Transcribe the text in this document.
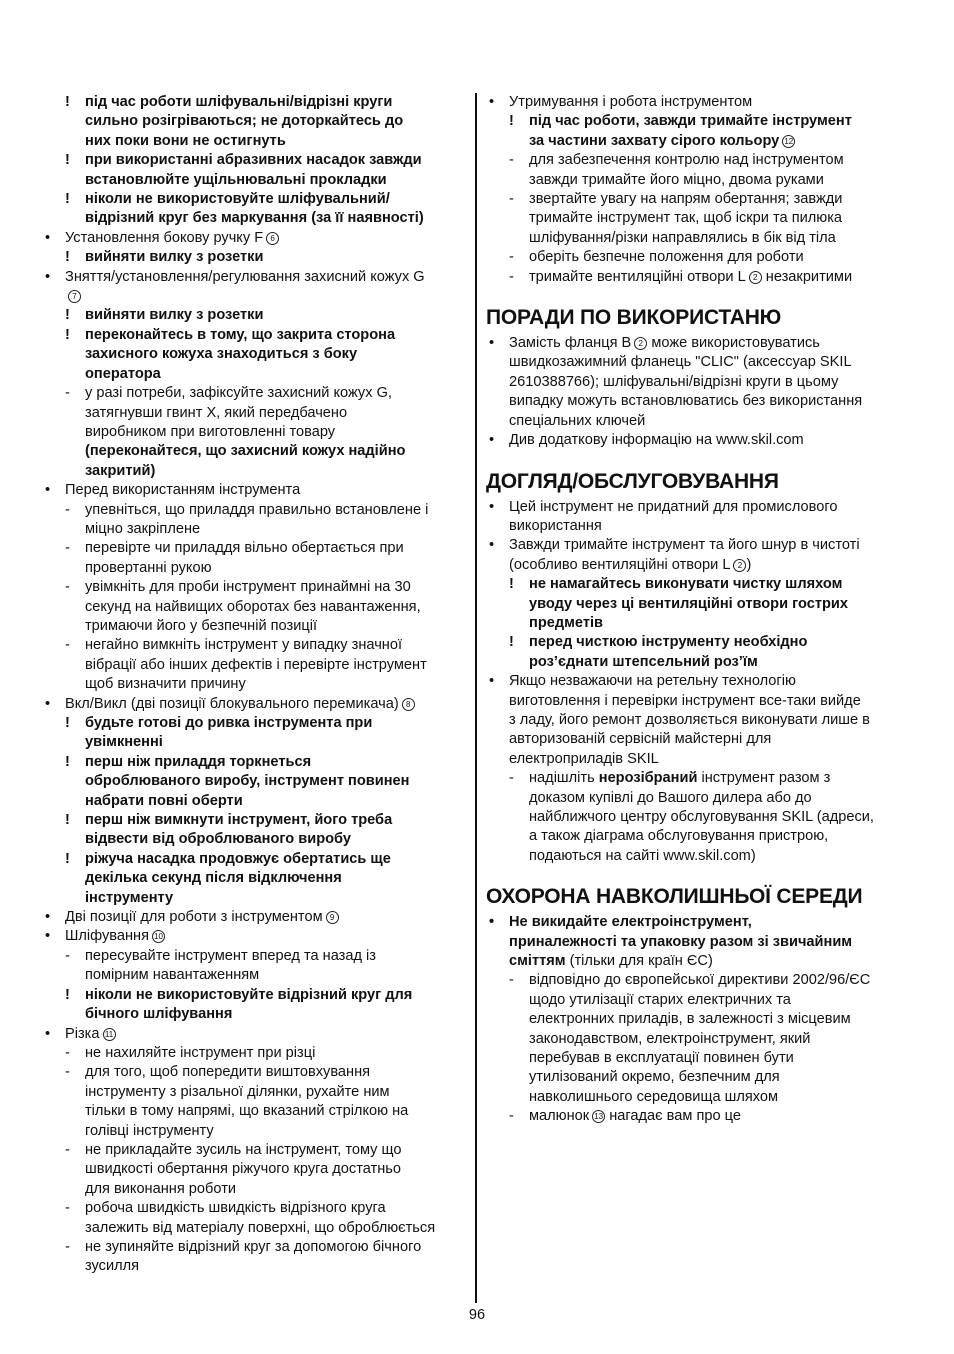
! під час роботи шліфувальні/відрізні круги
сильно розігріваються; не доторкайтесь до
них поки вони не остигнуть
! при використанні абразивних насадок завжди
встановлюйте ущільнювальні прокладки
! ніколи не використовуйте шліфувальний/
відрізний круг без маркування (за її наявності)
• Установлення бокову ручку F 6
! вийняти вилку з розетки
• Зняття/установлення/регулювання захисний кожух G
7
! вийняти вилку з розетки
! переконайтесь в тому, що закрита сторона
захисного кожуха знаходиться з боку
оператора
- у разі потреби, зафіксуйте захисний кожух G,
затягнувши гвинт X, який передбачено
виробником при виготовленні товару
(переконайтеся, що захисний кожух надійно
закритий)
• Перед використанням інструмента
- упевніться, що приладдя правильно встановлене і
міцно закріплене
- перевірте чи приладдя вільно обертається при
провертанні рукою
- увімкніть для проби інструмент принаймні на 30
секунд на найвищих оборотах без навантаження,
тримаючи його у безпечній позиції
- негайно вимкніть інструмент у випадку значної
вібрації або інших дефектів і перевірте інструмент
щоб визначити причину
• Вкл/Викл (дві позиції блокувального перемикача) 8
! будьте готові до ривка інструмента при
увімкненні
! перш ніж приладдя торкнеться
оброблюваного виробу, інструмент повинен
набрати повні оберти
! перш ніж вимкнути інструмент, його треба
відвести від оброблюваного виробу
! ріжуча насадка продовжує обертатись ще
декілька секунд після відключення
інструменту
• Дві позиції для роботи з інструментом 9
• Шліфування 10
- пересувайте інструмент вперед та назад із
помірним навантаженням
! ніколи не використовуйте відрізний круг для
бічного шліфування
• Різка 11
- не нахиляйте інструмент при різці
- для того, щоб попередити виштовхування
інструменту з різальної ділянки, рухайте ним
тільки в тому напрямі, що вказаний стрілкою на
голівці інструменту
- не прикладайте зусиль на інструмент, тому що
швидкості обертання ріжучого круга достатньо
для виконання роботи
- робоча швидкість швидкість відрізного круга
залежить від матеріалу поверхні, що оброблюється
- не зупиняйте відрізний круг за допомогою бічного
зусилля
• Утримування і робота інструментом
! під час роботи, завжди тримайте інструмент
за частини захвату сірого кольору 12
- для забезпечення контролю над інструментом
завжди тримайте його міцно, двома руками
- звертайте увагу на напрям обертання; завжди
тримайте інструмент так, щоб іскри та пилюка
шліфування/різки направлялись в бік від тіла
- оберіть безпечне положення для роботи
- тримайте вентиляційні отвори L 2 незакритими
ПОРАДИ ПО ВИКОРИСТАНЮ
• Замість фланця B 2 може використовуватись
швидкозажимний фланець "CLIC" (аксессуар SKIL
2610388766); шліфувальні/відрізні круги в цьому
випадку можуть встановлюватись без використання
спеціальних ключей
• Див додаткову інформацію на www.skil.com
ДОГЛЯД/ОБСЛУГОВУВАННЯ
• Цей інструмент не придатний для промислового
використання
• Завжди тримайте інструмент та його шнур в чистоті
(особливо вентиляційні отвори L 2 )
! не намагайтесь виконувати чистку шляхом
уводу через ці вентиляційні отвори гострих
предметів
! перед чисткою інструменту необхідно
роз’єднати штепсельний роз’їм
• Якщо незважаючи на ретельну технологію
виготовлення і перевірки інструмент все-таки вийде
з ладу, його ремонт дозволяється виконувати лише в
авторизованій сервісній майстерні для
електроприладів SKIL
- надішліть нерозібраний інструмент разом з
доказом купівлі до Вашого дилера або до
найближчого центру обслуговування SKIL (адреси,
а також діаграма обслуговування пристрою,
подаються на сайті www.skil.com)
ОХОРОНА НАВКОЛИШНЬОЇ СЕРЕДИ
• Не викидайте електроінструмент,
приналежності та упаковку разом зі звичайним
сміттям (тільки для країн ЄС)
- відповідно до європейської директиви 2002/96/ЄС
щодо утилізації старих електричних та
електронних приладів, в залежності з місцевим
законодавством, електроінструмент, який
перебував в експлуатації повинен бути
утилізований окремо, безпечним для
навколишнього середовища шляхом
- малюнок 13 нагадає вам про це
96
